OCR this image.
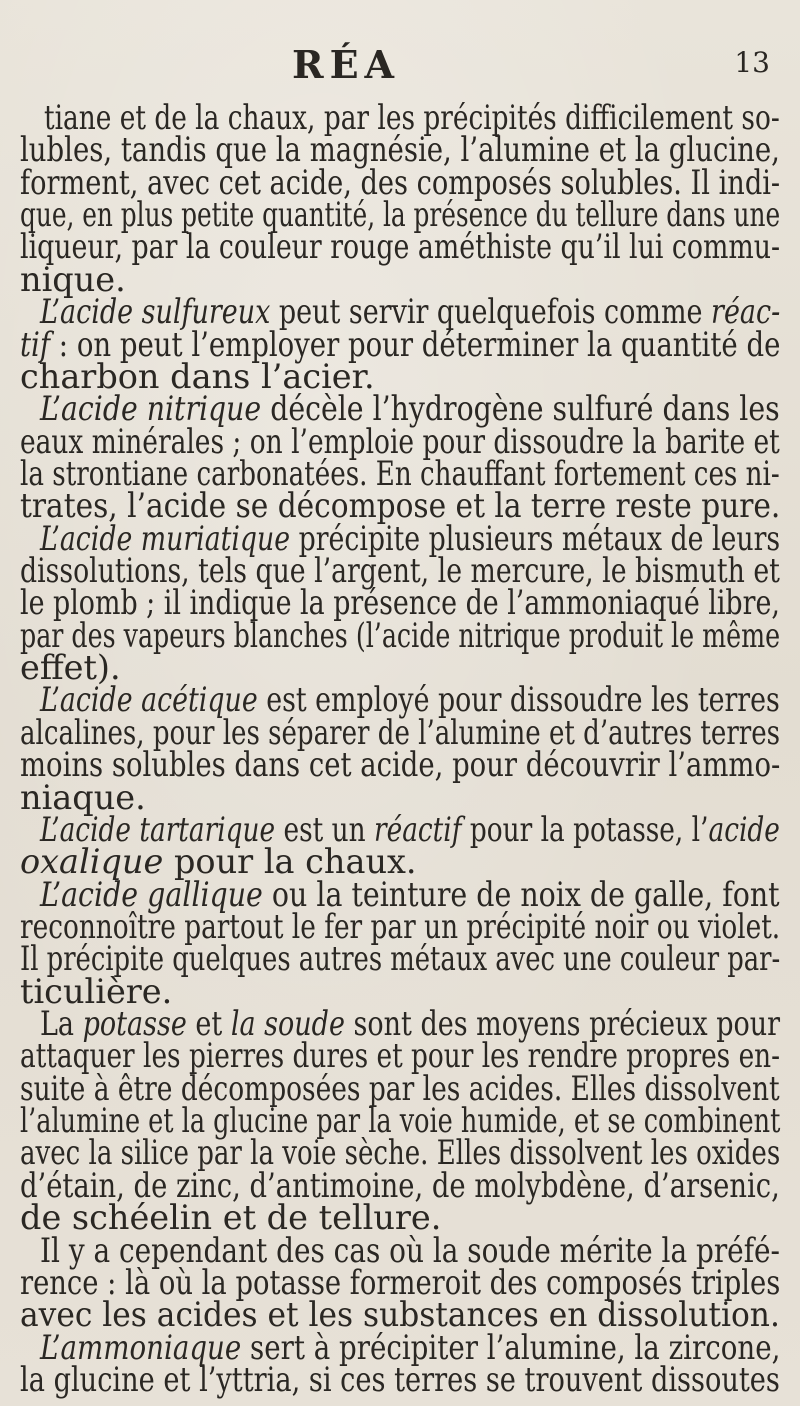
RÉA	13
tiane et de la chaux, par les précipités difficilement so-
lubles, tandis que la magnésie, l’alumine et la glucine,
forment, avec cet acide, des composés solubles. Il indi-
que, en plus petite quantité, la présence du tellure dans une
liqueur, par la couleur rouge améthiste qu’il lui commu-
nique.
L’acide sulfureux peut servir quelquefois comme réac-
tif : on peut l’employer pour déterminer la quantité de
charbon dans l’acier.
L’acide nitrique décèle l’hydrogène sulfuré dans les
eaux minérales ; on l’emploie pour dissoudre la barite et
la strontiane carbonatées. En chauffant fortement ces ni-
trates, l’acide se décompose et la terre reste pure.
L’acide muriatique précipite plusieurs métaux de leurs
dissolutions, tels que l’argent, le mercure, le bismuth et
le plomb ; il indique la présence de l’ammoniaqué libre,
par des vapeurs blanches (l’acide nitrique produit le même
effet).
L’acide acétique est employé pour dissoudre les terres
alcalines, pour les séparer de l’alumine et d’autres terres
moins solubles dans cet acide, pour découvrir l’ammo-
niaque.
L’acide tartarique est un réactif pour la potasse, l’acide
oxalique pour la chaux.
L’acide gallique ou la teinture de noix de galle, font
reconnoître partout le fer par un précipité noir ou violet.
Il précipite quelques autres métaux avec une couleur par-
ticulière.
La potasse et la soude sont des moyens précieux pour
attaquer les pierres dures et pour les rendre propres en-
suite à être décomposées par les acides. Elles dissolvent
l’alumine et la glucine par la voie humide, et se combinent
avec la silice par la voie sèche. Elles dissolvent les oxides
d’étain, de zinc, d’antimoine, de molybdène, d’arsenic,
de schéelin et de tellure.
Il y a cependant des cas où la soude mérite la préfé-
rence : là où la potasse formeroit des composés triples
avec les acides et les substances en dissolution.
L’ammoniaque sert à précipiter l’alumine, la zircone,
la glucine et l’yttria, si ces terres se trouvent dissoutes
